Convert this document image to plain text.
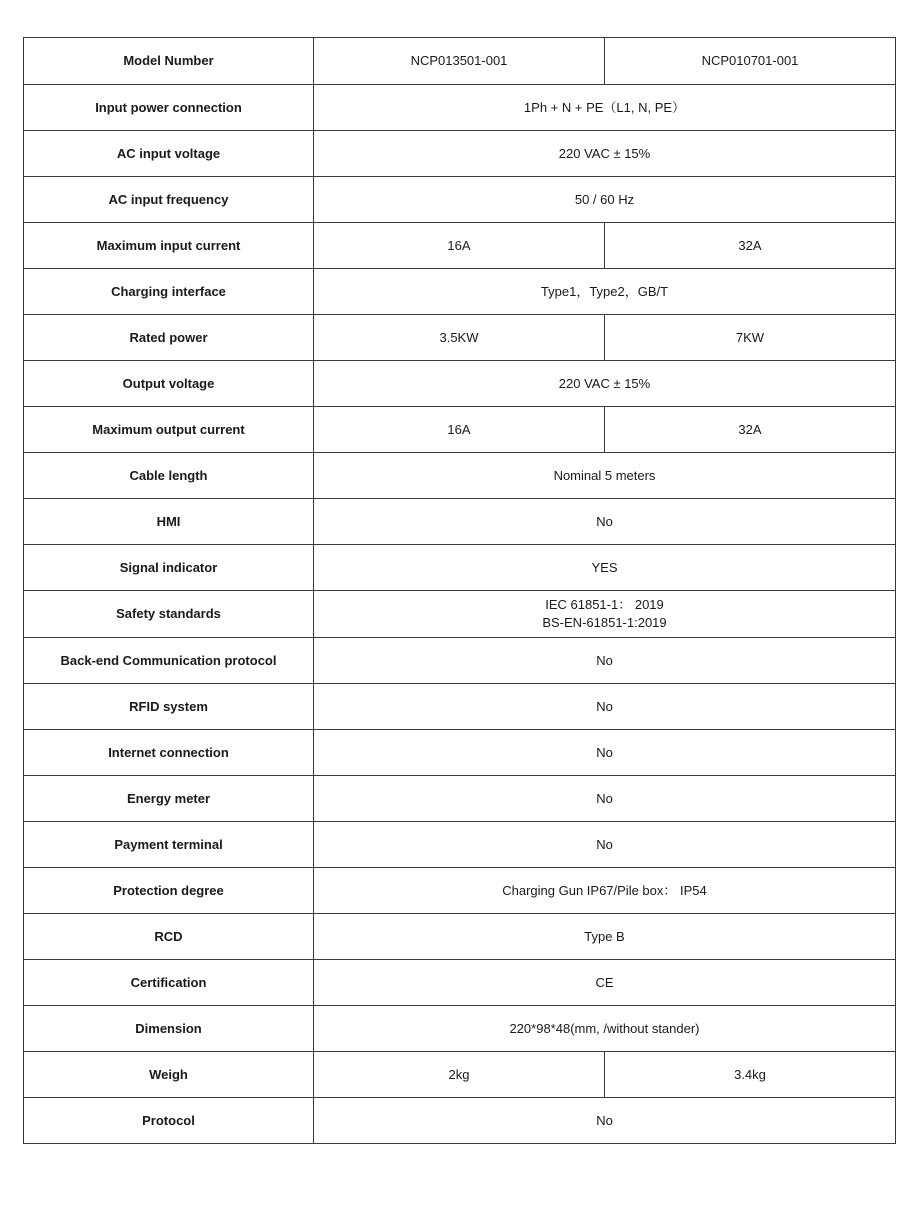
Model Number	NCP013501-001	NCP010701-001
Input power connection	1Ph + N + PE（L1, N, PE）	
AC input voltage	220 VAC ± 15%	
AC input frequency	50 / 60 Hz	
Maximum input current	16A	32A
Charging interface	Type1，Type2，GB/T	
Rated power	3.5KW	7KW
Output voltage	220 VAC ± 15%	
Maximum output current	16A	32A
Cable length	Nominal 5 meters	
HMI	No	
Signal indicator	YES	
Safety standards	IEC 61851-1： 2019
BS-EN-61851-1:2019	

Back-end Communication protocol	No	
RFID system	No	
Internet connection	No	
Energy meter	No	
Payment terminal	No	
Protection degree	Charging Gun IP67/Pile box： IP54	
RCD	Type B	
Certification	CE	
Dimension	220*98*48(mm, /without stander)	
Weigh	2kg	3.4kg
Protocol	No	
